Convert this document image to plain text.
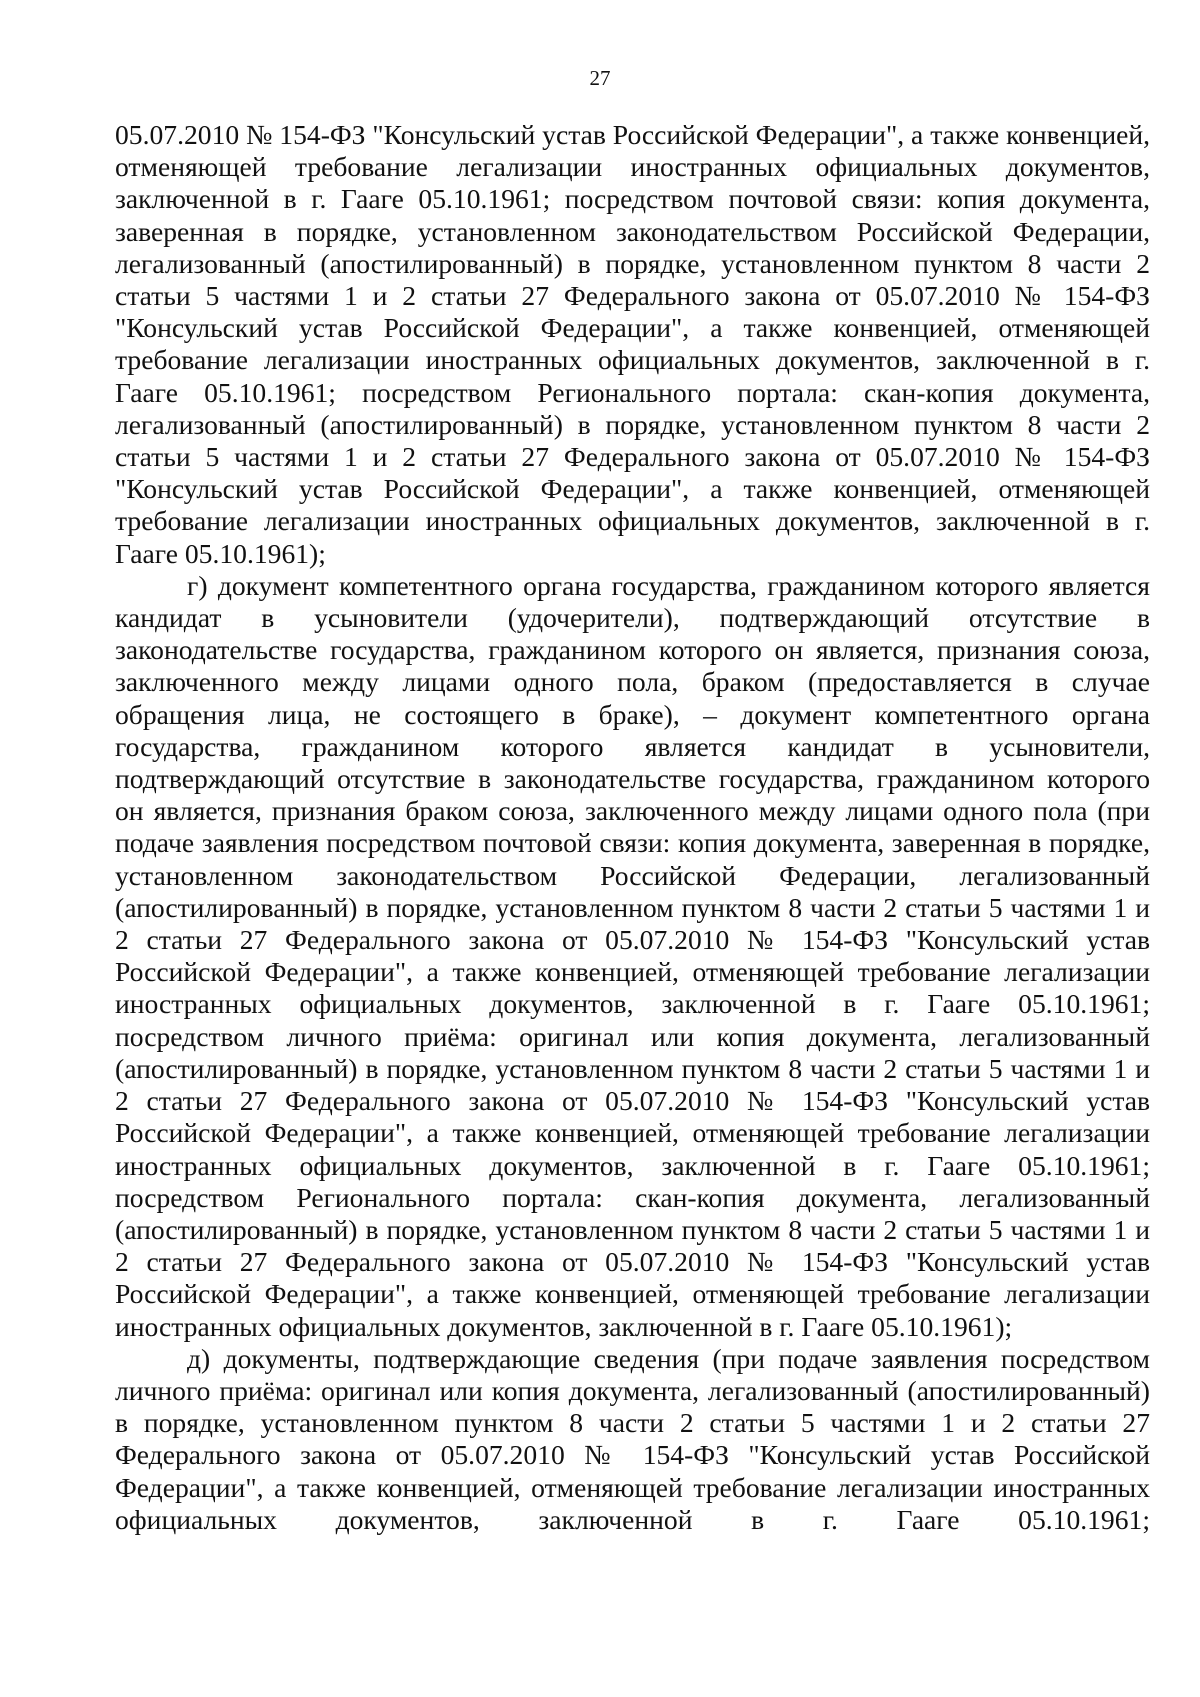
27

05.07.2010 № 154-ФЗ "Консульский устав Российской Федерации", а также конвенцией, отменяющей требование легализации иностранных официальных документов, заключенной в г. Гааге 05.10.1961; посредством почтовой связи: копия документа, заверенная в порядке, установленном законодательством Российской Федерации, легализованный (апостилированный) в порядке, установленном пунктом 8 части 2 статьи 5 частями 1 и 2 статьи 27 Федерального закона от 05.07.2010 № 154-ФЗ "Консульский устав Российской Федерации", а также конвенцией, отменяющей требование легализации иностранных официальных документов, заключенной в г. Гааге 05.10.1961; посредством Регионального портала: скан-копия документа, легализованный (апостилированный) в порядке, установленном пунктом 8 части 2 статьи 5 частями 1 и 2 статьи 27 Федерального закона от 05.07.2010 № 154-ФЗ "Консульский устав Российской Федерации", а также конвенцией, отменяющей требование легализации иностранных официальных документов, заключенной в г. Гааге 05.10.1961);

г) документ компетентного органа государства, гражданином которого является кандидат в усыновители (удочерители), подтверждающий отсутствие в законодательстве государства, гражданином которого он является, признания союза, заключенного между лицами одного пола, браком (предоставляется в случае обращения лица, не состоящего в браке), – документ компетентного органа государства, гражданином которого является кандидат в усыновители, подтверждающий отсутствие в законодательстве государства, гражданином которого он является, признания браком союза, заключенного между лицами одного пола (при подаче заявления посредством почтовой связи: копия документа, заверенная в порядке, установленном законодательством Российской Федерации, легализованный (апостилированный) в порядке, установленном пунктом 8 части 2 статьи 5 частями 1 и 2 статьи 27 Федерального закона от 05.07.2010 № 154-ФЗ "Консульский устав Российской Федерации", а также конвенцией, отменяющей требование легализации иностранных официальных документов, заключенной в г. Гааге 05.10.1961; посредством личного приёма: оригинал или копия документа, легализованный (апостилированный) в порядке, установленном пунктом 8 части 2 статьи 5 частями 1 и 2 статьи 27 Федерального закона от 05.07.2010 № 154-ФЗ "Консульский устав Российской Федерации", а также конвенцией, отменяющей требование легализации иностранных официальных документов, заключенной в г. Гааге 05.10.1961; посредством Регионального портала: скан-копия документа, легализованный (апостилированный) в порядке, установленном пунктом 8 части 2 статьи 5 частями 1 и 2 статьи 27 Федерального закона от 05.07.2010 № 154-ФЗ "Консульский устав Российской Федерации", а также конвенцией, отменяющей требование легализации иностранных официальных документов, заключенной в г. Гааге 05.10.1961);

д) документы, подтверждающие сведения (при подаче заявления посредством личного приёма: оригинал или копия документа, легализованный (апостилированный) в порядке, установленном пунктом 8 части 2 статьи 5 частями 1 и 2 статьи 27 Федерального закона от 05.07.2010 № 154-ФЗ "Консульский устав Российской Федерации", а также конвенцией, отменяющей требование легализации иностранных официальных документов, заключенной в г. Гааге 05.10.1961;
